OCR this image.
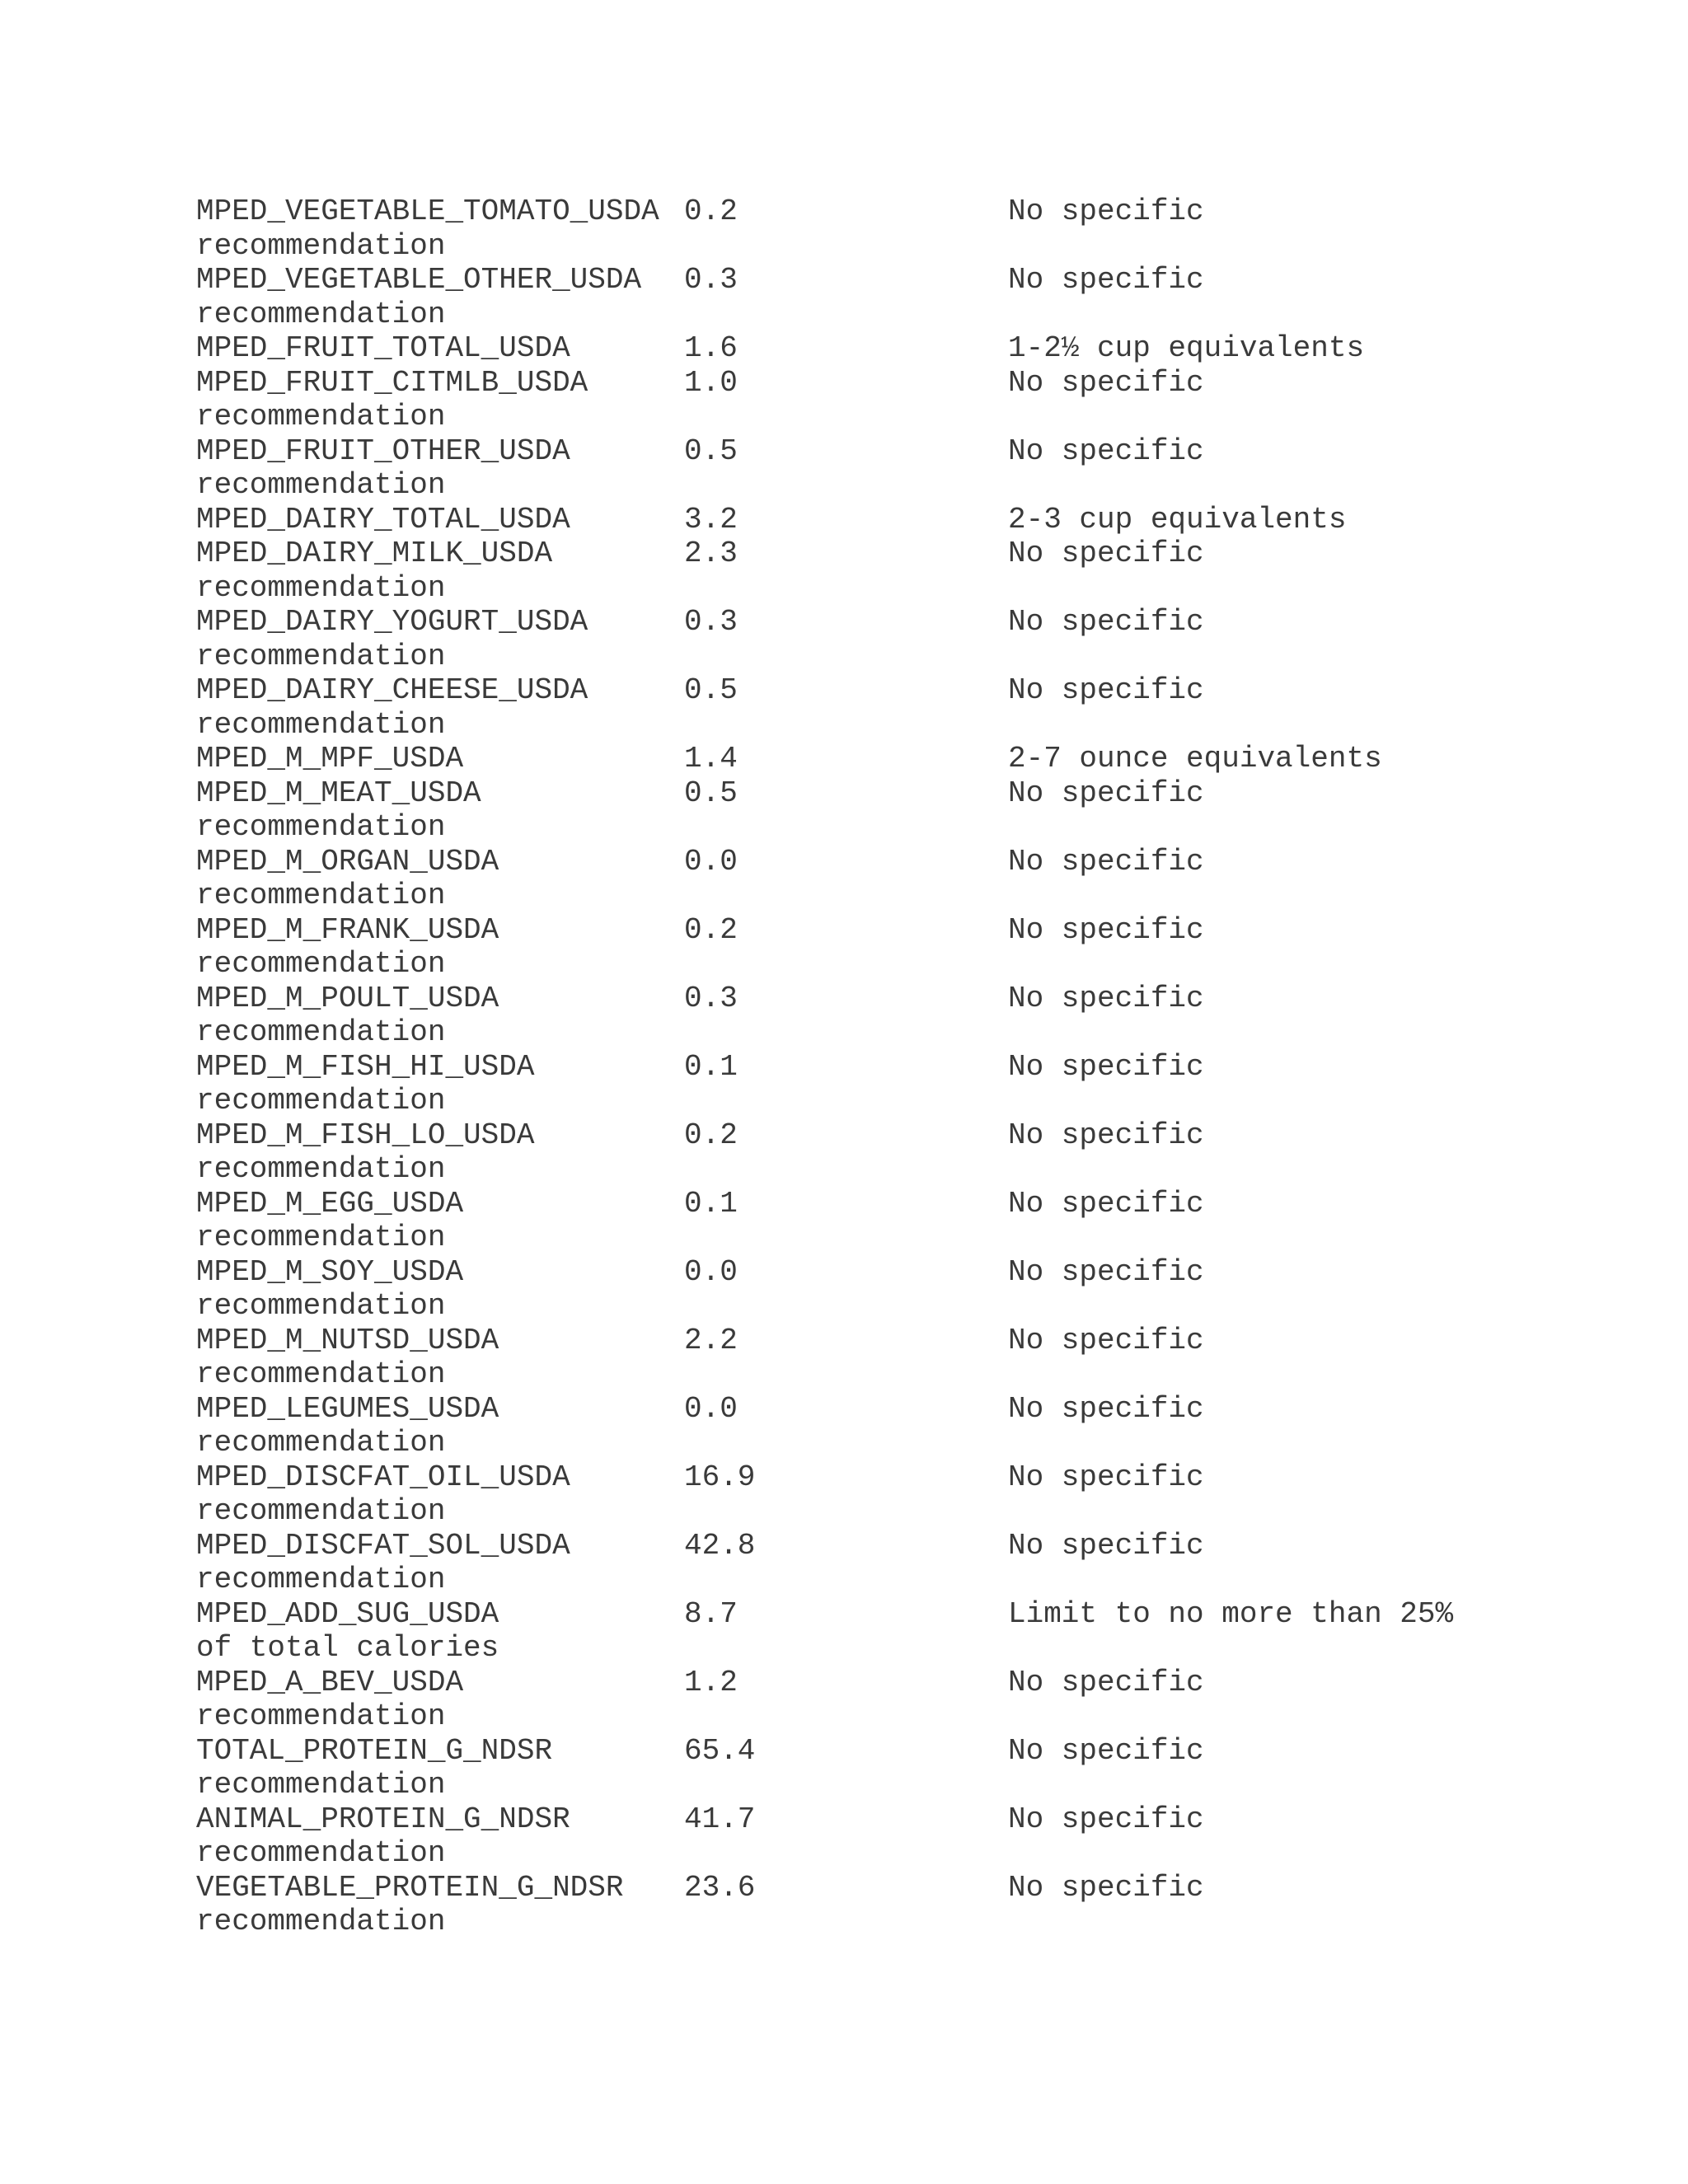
MPED_VEGETABLE_TOMATO_USDA 0.2	No specific
recommendation
MPED_VEGETABLE_OTHER_USDA 0.3	No specific
recommendation
MPED_FRUIT_TOTAL_USDA	1.6	1-2½ cup equivalents
MPED_FRUIT_CITMLB_USDA	1.0	No specific
recommendation
MPED_FRUIT_OTHER_USDA	0.5	No specific
recommendation
MPED_DAIRY_TOTAL_USDA	3.2	2-3 cup equivalents
MPED_DAIRY_MILK_USDA	2.3	No specific
recommendation
MPED_DAIRY_YOGURT_USDA	0.3	No specific
recommendation
MPED_DAIRY_CHEESE_USDA	0.5	No specific
recommendation
MPED_M_MPF_USDA	1.4	2-7 ounce equivalents
MPED_M_MEAT_USDA	0.5	No specific
recommendation
MPED_M_ORGAN_USDA	0.0	No specific
recommendation
MPED_M_FRANK_USDA	0.2	No specific
recommendation
MPED_M_POULT_USDA	0.3	No specific
recommendation
MPED_M_FISH_HI_USDA	0.1	No specific
recommendation
MPED_M_FISH_LO_USDA	0.2	No specific
recommendation
MPED_M_EGG_USDA	0.1	No specific
recommendation
MPED_M_SOY_USDA	0.0	No specific
recommendation
MPED_M_NUTSD_USDA	2.2	No specific
recommendation
MPED_LEGUMES_USDA	0.0	No specific
recommendation
MPED_DISCFAT_OIL_USDA	16.9	No specific
recommendation
MPED_DISCFAT_SOL_USDA	42.8	No specific
recommendation
MPED_ADD_SUG_USDA	8.7	Limit to no more than 25%
of total calories
MPED_A_BEV_USDA	1.2	No specific
recommendation
TOTAL_PROTEIN_G_NDSR	65.4	No specific
recommendation
ANIMAL_PROTEIN_G_NDSR	41.7	No specific
recommendation
VEGETABLE_PROTEIN_G_NDSR 23.6	No specific
recommendation
